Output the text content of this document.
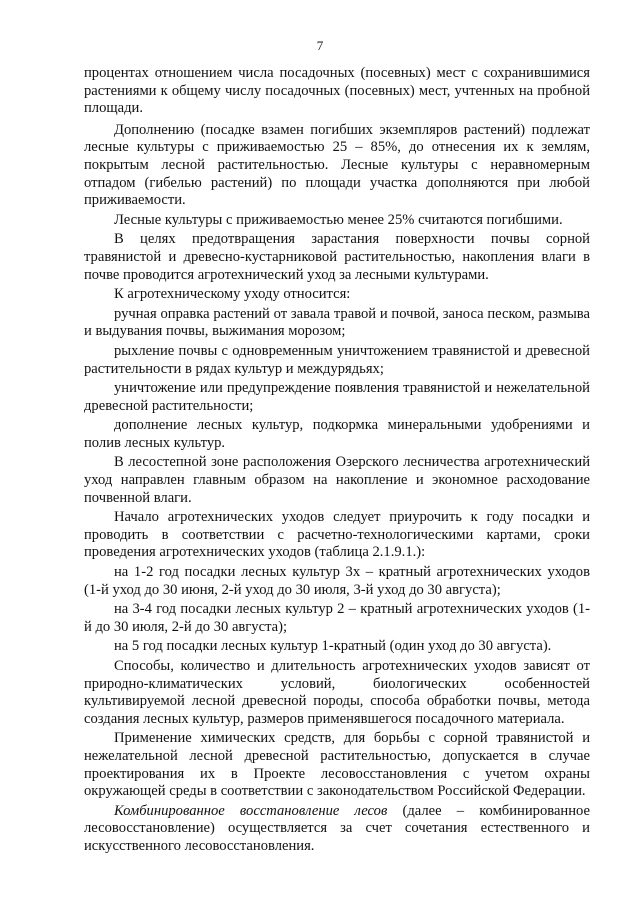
7

процентах отношением числа посадочных (посевных) мест с сохранившимися растениями к общему числу посадочных (посевных) мест, учтенных на пробной площади.

Дополнению (посадке взамен погибших экземпляров растений) подлежат лесные культуры с приживаемостью 25 – 85%, до отнесения их к землям, покрытым лесной растительностью. Лесные культуры с неравномерным отпадом (гибелью растений) по площади участка дополняются при любой приживаемости.

Лесные культуры с приживаемостью менее 25% считаются погибшими.

В целях предотвращения зарастания поверхности почвы сорной травянистой и древесно-кустарниковой растительностью, накопления влаги в почве проводится агротехнический уход за лесными культурами.

К агротехническому уходу относится:

ручная оправка растений от завала травой и почвой, заноса песком, размыва и выдувания почвы, выжимания морозом;

рыхление почвы с одновременным уничтожением травянистой и древесной растительности в рядах культур и междурядьях;

уничтожение или предупреждение появления травянистой и нежелательной древесной растительности;

дополнение лесных культур, подкормка минеральными удобрениями и полив лесных культур.

В лесостепной зоне расположения Озерского лесничества агротехнический уход направлен главным образом на накопление и экономное расходование почвенной влаги.

Начало агротехнических уходов следует приурочить к году посадки и проводить в соответствии с расчетно-технологическими картами, сроки проведения агротехнических уходов (таблица 2.1.9.1.):

на 1-2 год посадки лесных культур 3х – кратный агротехнических уходов (1-й уход до 30 июня, 2-й уход до 30 июля, 3-й уход до 30 августа);

на 3-4 год посадки лесных культур 2 – кратный агротехнических уходов (1-й до 30 июля, 2-й до 30 августа);

на 5 год посадки лесных культур 1-кратный (один уход до 30 августа).

Способы, количество и длительность агротехнических уходов зависят от природно-климатических условий, биологических особенностей культивируемой лесной древесной породы, способа обработки почвы, метода создания лесных культур, размеров применявшегося посадочного материала.

Применение химических средств, для борьбы с сорной травянистой и нежелательной лесной древесной растительностью, допускается в случае проектирования их в Проекте лесовосстановления с учетом охраны окружающей среды в соответствии с законодательством Российской Федерации.

Комбинированное восстановление лесов (далее – комбинированное лесовосстановление) осуществляется за счет сочетания естественного и искусственного лесовосстановления.
